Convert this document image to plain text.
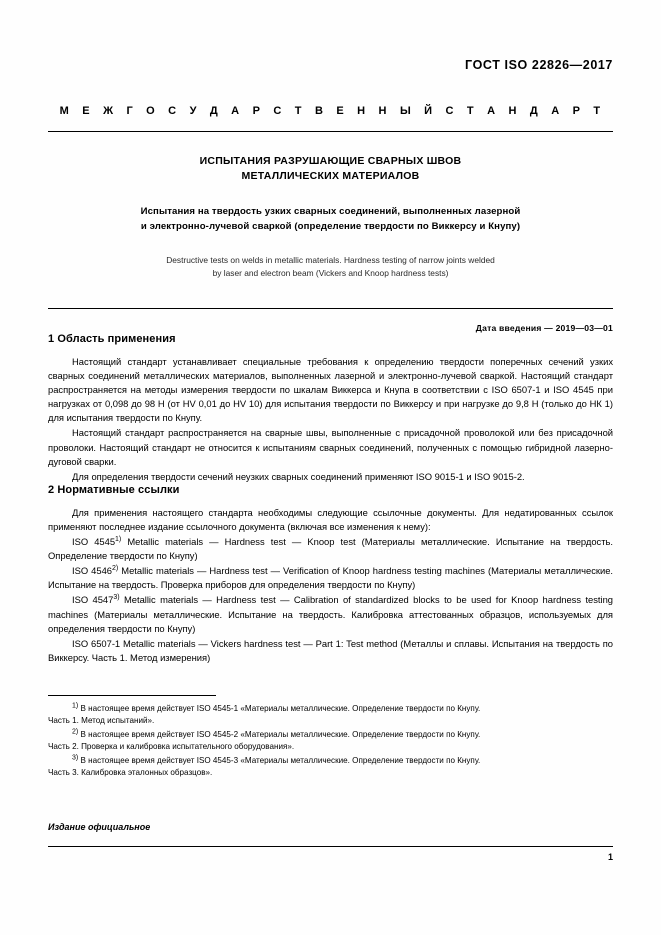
ГОСТ ISO 22826—2017
М Е Ж Г О С У Д А Р С Т В Е Н Н Ы Й С Т А Н Д А Р Т
ИСПЫТАНИЯ РАЗРУШАЮЩИЕ СВАРНЫХ ШВОВ
МЕТАЛЛИЧЕСКИХ МАТЕРИАЛОВ
Испытания на твердость узких сварных соединений, выполненных лазерной
и электронно-лучевой сваркой (определение твердости по Виккерсу и Кнупу)
Destructive tests on welds in metallic materials. Hardness testing of narrow joints welded
by laser and electron beam (Vickers and Knoop hardness tests)
Дата введения — 2019—03—01
1 Область применения

Настоящий стандарт устанавливает специальные требования к определению твердости поперечных сечений узких сварных соединений металлических материалов, выполненных лазерной и электронно-лучевой сваркой. Настоящий стандарт распространяется на методы измерения твердости по шкалам Виккерса и Кнупа в соответствии с ISO 6507-1 и ISO 4545 при нагрузках от 0,098 до 98 Н (от HV 0,01 до HV 10) для испытания твердости по Виккерсу и при нагрузке до 9,8 Н (только до НК 1) для испытания твердости по Кнупу.

Настоящий стандарт распространяется на сварные швы, выполненные с присадочной проволокой или без присадочной проволоки. Настоящий стандарт не относится к испытаниям сварных соединений, полученных с помощью гибридной лазерно-дуговой сварки.

Для определения твердости сечений неузких сварных соединений применяют ISO 9015-1 и ISO 9015-2.

2 Нормативные ссылки

Для применения настоящего стандарта необходимы следующие ссылочные документы. Для недатированных ссылок применяют последнее издание ссылочного документа (включая все изменения к нему):

ISO 4545$^{1)}$ Metallic materials — Hardness test — Knoop test (Материалы металлические. Испытание на твердость. Определение твердости по Кнупу)

ISO 4546$^{2)}$ Metallic materials — Hardness test — Verification of Knoop hardness testing machines (Материалы металлические. Испытание на твердость. Проверка приборов для определения твердости по Кнупу)

ISO 4547$^{3)}$ Metallic materials — Hardness test — Calibration of standardized blocks to be used for Knoop hardness testing machines (Материалы металлические. Испытание на твердость. Калибровка аттестованных образцов, используемых для определения твердости по Кнупу)

ISO 6507-1 Metallic materials — Vickers hardness test — Part 1: Test method (Металлы и сплавы. Испытания на твердость по Виккерсу. Часть 1. Метод измерения)

$^{1)}$ В настоящее время действует ISO 4545-1 «Материалы металлические. Определение твердости по Кнупу.

Часть 1. Метод испытаний».

$^{2)}$ В настоящее время действует ISO 4545-2 «Материалы металлические. Определение твердости по Кнупу.

Часть 2. Проверка и калибровка испытательного оборудования».

$^{3)}$ В настоящее время действует ISO 4545-3 «Материалы металлические. Определение твердости по Кнупу.

Часть 3. Калибровка эталонных образцов».

Издание официальное
1
